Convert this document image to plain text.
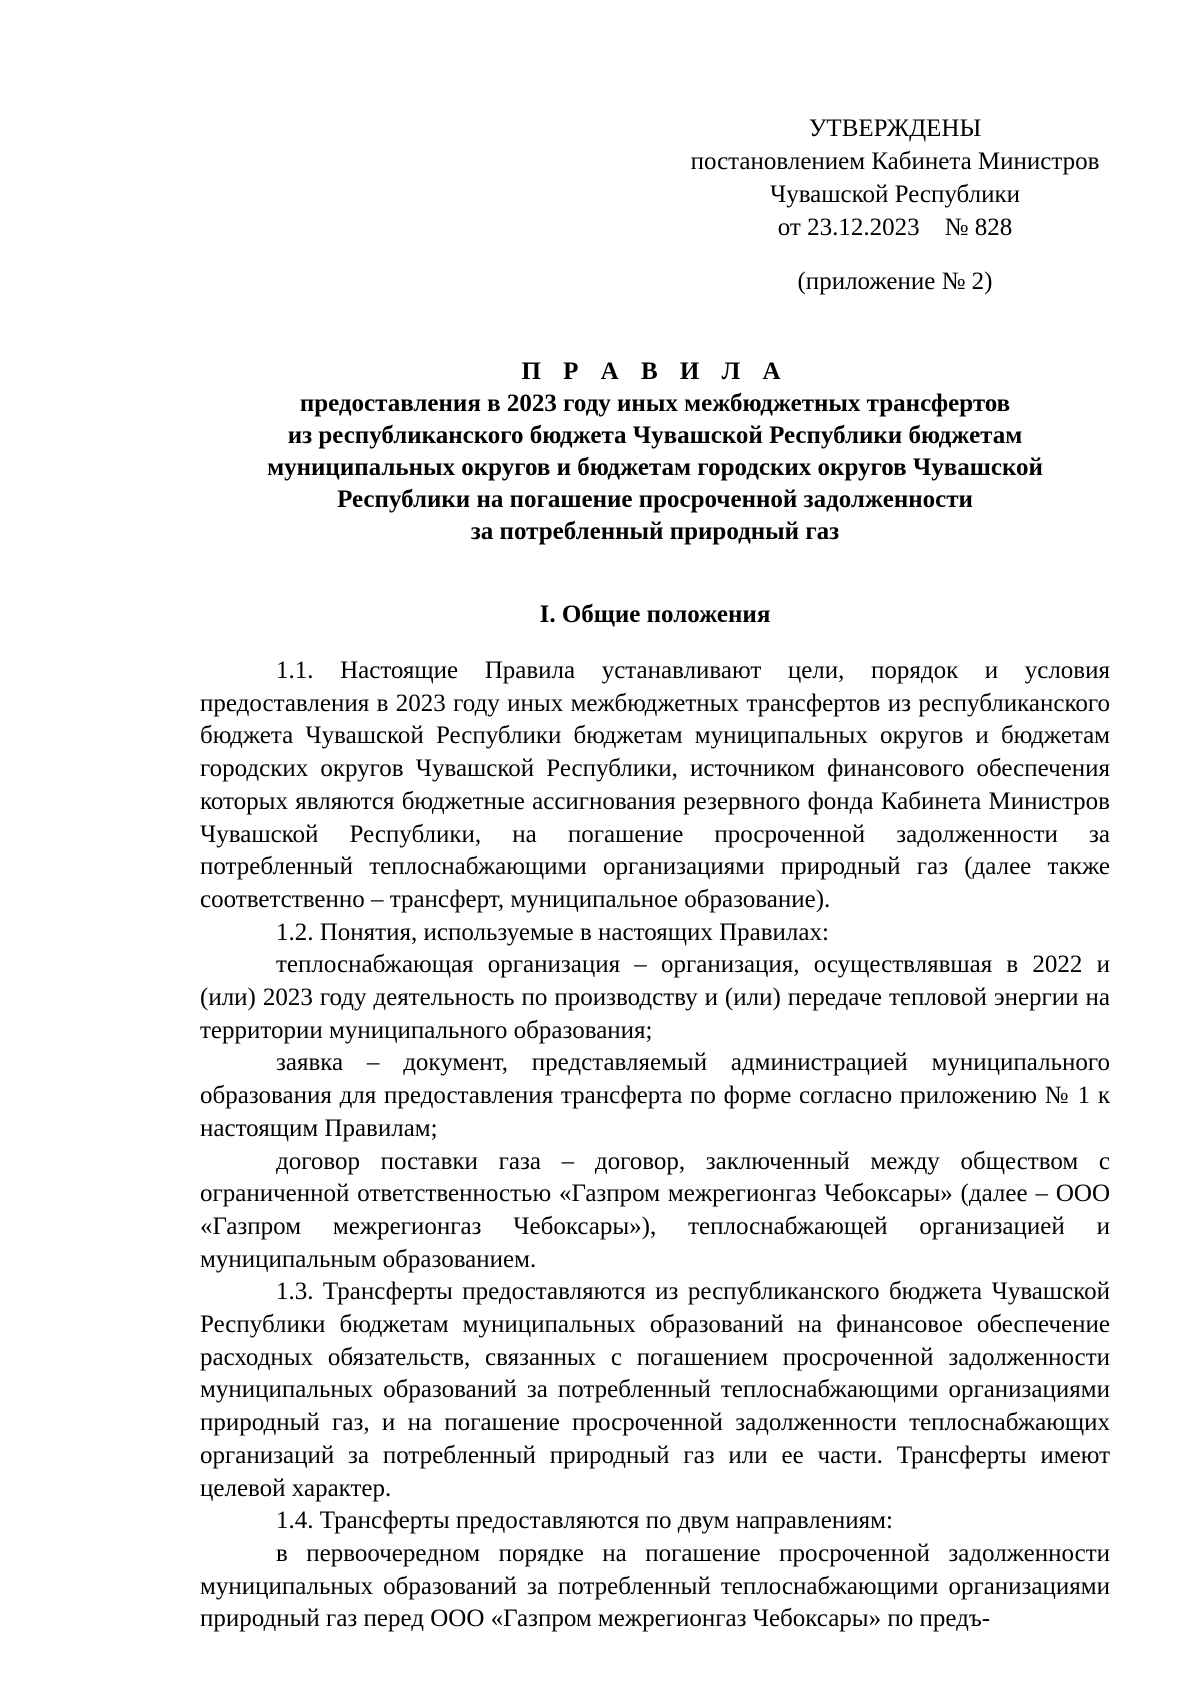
УТВЕРЖДЕНЫ
постановлением Кабинета Министров
Чувашской Республики
от 23.12.2023    № 828
(приложение № 2)
П Р А В И Л А
предоставления в 2023 году иных межбюджетных трансфертов
из республиканского бюджета Чувашской Республики бюджетам
муниципальных округов и бюджетам городских округов Чувашской
Республики на погашение просроченной задолженности
за потребленный природный газ
I. Общие положения

1.1. Настоящие Правила устанавливают цели, порядок и условия предоставления в 2023 году иных межбюджетных трансфертов из республиканского бюджета Чувашской Республики бюджетам муниципальных округов и бюджетам городских округов Чувашской Республики, источником финансового обеспечения которых являются бюджетные ассигнования резервного фонда Кабинета Министров Чувашской Республики, на погашение просроченной задолженности за потребленный теплоснабжающими организациями природный газ (далее также соответственно – трансферт, муниципальное образование).

1.2. Понятия, используемые в настоящих Правилах:

теплоснабжающая организация – организация, осуществлявшая в 2022 и (или) 2023 году деятельность по производству и (или) передаче тепловой энергии на территории муниципального образования;

заявка – документ, представляемый администрацией муниципального образования для предоставления трансферта по форме согласно приложению № 1 к настоящим Правилам;

договор поставки газа – договор, заключенный между обществом с ограниченной ответственностью «Газпром межрегионгаз Чебоксары» (далее – ООО «Газпром межрегионгаз Чебоксары»), теплоснабжающей организацией и муниципальным образованием.

1.3. Трансферты предоставляются из республиканского бюджета Чувашской Республики бюджетам муниципальных образований на финансовое обеспечение расходных обязательств, связанных с погашением просроченной задолженности муниципальных образований за потребленный теплоснабжающими организациями природный газ, и на погашение просроченной задолженности теплоснабжающих организаций за потребленный природный газ или ее части. Трансферты имеют целевой характер.

1.4. Трансферты предоставляются по двум направлениям:

в первоочередном порядке на погашение просроченной задолженности муниципальных образований за потребленный теплоснабжающими организациями природный газ перед ООО «Газпром межрегионгаз Чебоксары» по предъ-
